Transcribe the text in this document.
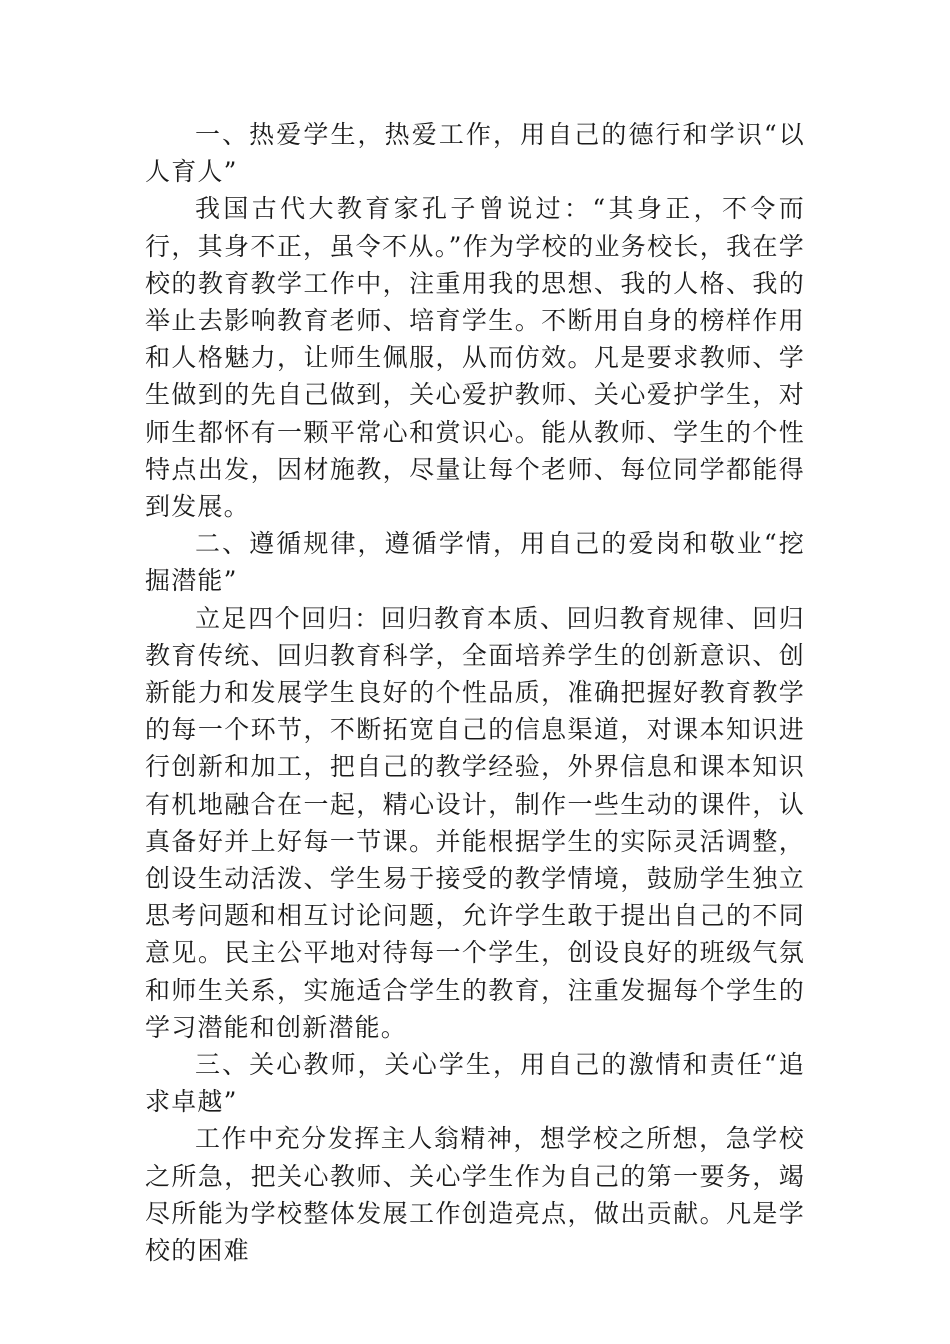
一、热爱学生，热爱工作，用自己的德行和学识“以人育人”

我国古代大教育家孔子曾说过：“其身正，不令而行，其身不正，虽令不从。”作为学校的业务校长，我在学校的教育教学工作中，注重用我的思想、我的人格、我的举止去影响教育老师、培育学生。不断用自身的榜样作用和人格魅力，让师生佩服，从而仿效。凡是要求教师、学生做到的先自己做到，关心爱护教师、关心爱护学生，对师生都怀有一颗平常心和赏识心。能从教师、学生的个性特点出发，因材施教，尽量让每个老师、每位同学都能得到发展。

二、遵循规律，遵循学情，用自己的爱岗和敬业“挖掘潜能”

立足四个回归：回归教育本质、回归教育规律、回归教育传统、回归教育科学，全面培养学生的创新意识、创新能力和发展学生良好的个性品质，准确把握好教育教学的每一个环节，不断拓宽自己的信息渠道，对课本知识进行创新和加工，把自己的教学经验，外界信息和课本知识有机地融合在一起，精心设计，制作一些生动的课件，认真备好并上好每一节课。并能根据学生的实际灵活调整，创设生动活泼、学生易于接受的教学情境，鼓励学生独立思考问题和相互讨论问题，允许学生敢于提出自己的不同意见。民主公平地对待每一个学生，创设良好的班级气氛和师生关系，实施适合学生的教育，注重发掘每个学生的学习潜能和创新潜能。

三、关心教师，关心学生，用自己的激情和责任“追求卓越”

工作中充分发挥主人翁精神，想学校之所想，急学校之所急，把关心教师、关心学生作为自己的第一要务，竭尽所能为学校整体发展工作创造亮点，做出贡献。凡是学校的困难
